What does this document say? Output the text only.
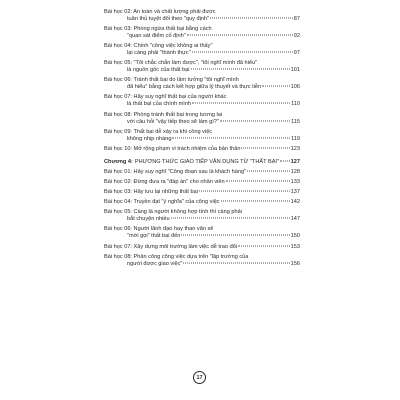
Bài học 02: An toàn và chất lượng phải được
tuân thủ tuyệt đối theo "quy định"	87
Bài học 03: Phòng ngừa thất bại bằng cách
"quan sát điểm cố định"	92
Bài học 04: Chính "công việc không ai thấy"
lại càng phải "thành thực"	97
Bài học 05: "Tôi chắc chắn làm được", "tôi nghĩ mình đã hiểu"
là nguồn gốc của thất bại	101
Bài học 06: Tránh thất bại do lầm tưởng "tôi nghĩ mình
đã hiểu" bằng cách kết hợp giữa lý thuyết và thực tiễn	106
Bài học 07: Hãy suy nghĩ thất bại của người khác
là thất bại của chính mình	110
Bài học 08: Phòng tránh thất bại trong tương lai
với câu hỏi "vậy tiếp theo sẽ làm gì?"	115
Bài học 09: Thất bại dễ xảy ra khi công việc
không nhịp nhàng	119
Bài học 10: Mở rộng phạm vi trách nhiệm của bản thân	123
Chương 4: PHƯƠNG THỨC GIAO TIẾP VẬN DỤNG TỪ "THẤT BẠI" 127
Bài học 01: Hãy suy nghĩ "Công đoạn sau là khách hàng"	128
Bài học 02: Đừng đưa ra "đáp án" cho nhân viên	133
Bài học 03: Hãy lưu lại những thất bại	137
Bài học 04: Truyền đạt "ý nghĩa" của công việc	142
Bài học 05: Càng là người không hợp tính thì càng phải
bắt chuyện nhiều	147
Bài học 06: Người lãnh đạo hay than vãn sẽ
"mời gọi" thất bại đến	150
Bài học 07: Xây dựng môi trường làm việc dễ trao đổi	153
Bài học 08: Phân công công việc dựa trên "lập trường của
người được giao việc"	156
17
